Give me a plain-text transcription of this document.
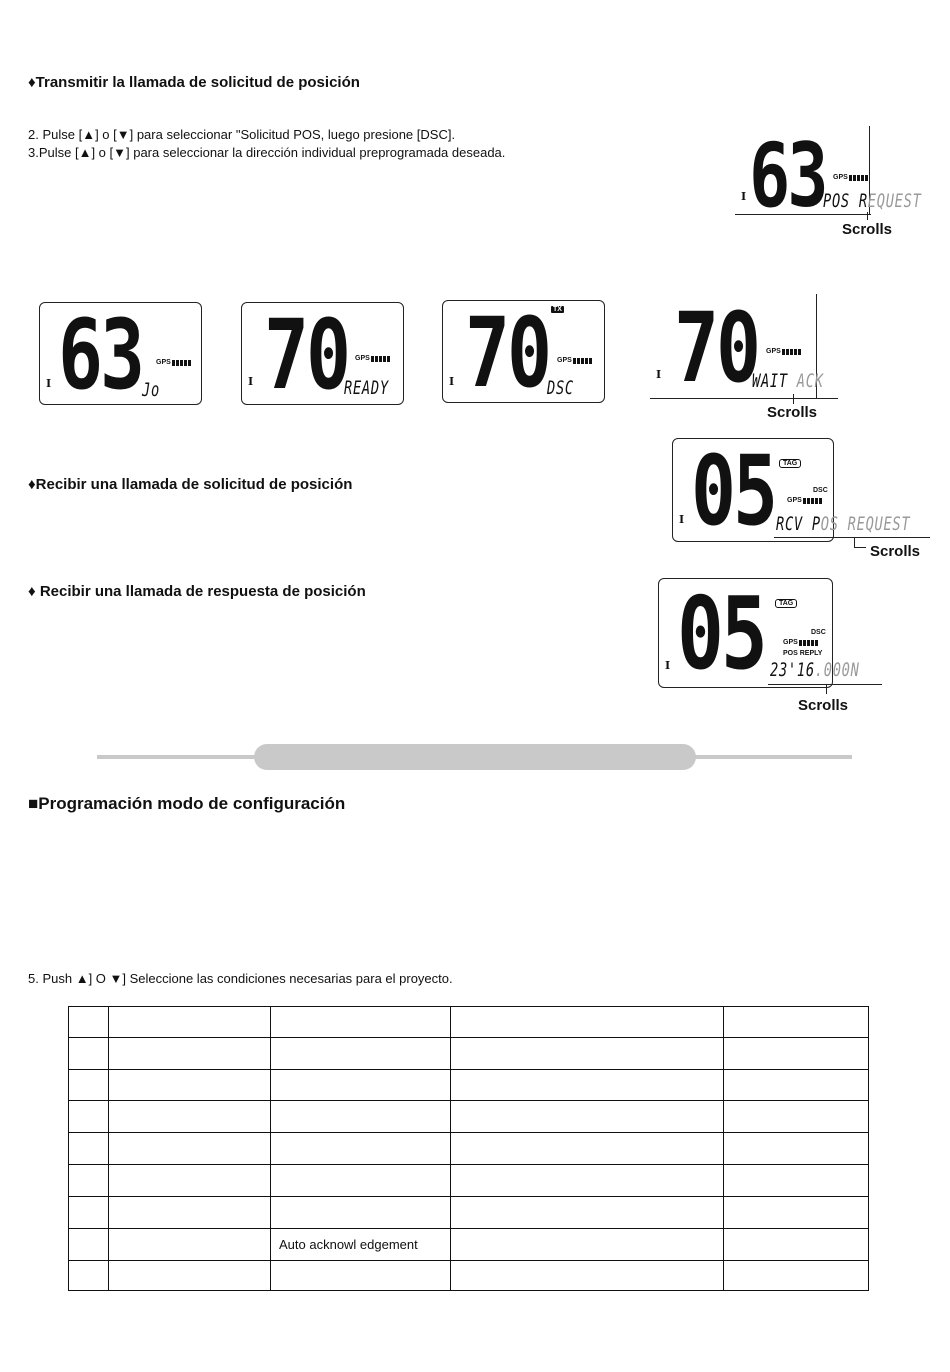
♦Transmitir la llamada de solicitud de posición
2. Pulse [▲] o [▼] para seleccionar "Solicitud POS, luego presione [DSC].
3.Pulse [▲] o [▼] para seleccionar la dirección individual preprogramada deseada.
I 63 GPS
POS REQUEST
Scrolls
I 63 GPS
Jo	I 70 GPS
READY
TX
I 70 GPS
DSC
I 70 GPS
WAIT ACK
Scrolls
♦Recibir una llamada de solicitud de posición
TAG
DSC
GPS
I 05 RCV POS REQUEST
Scrolls
♦ Recibir una llamada de respuesta de posición
TAG
DSC
GPS
POS REPLY
I 05 23'16.000N
Scrolls
■Programación modo de configuración
5. Push ▲] O ▼] Seleccione las condiciones necesarias para el proyecto.

		Auto acknowl edgement		
